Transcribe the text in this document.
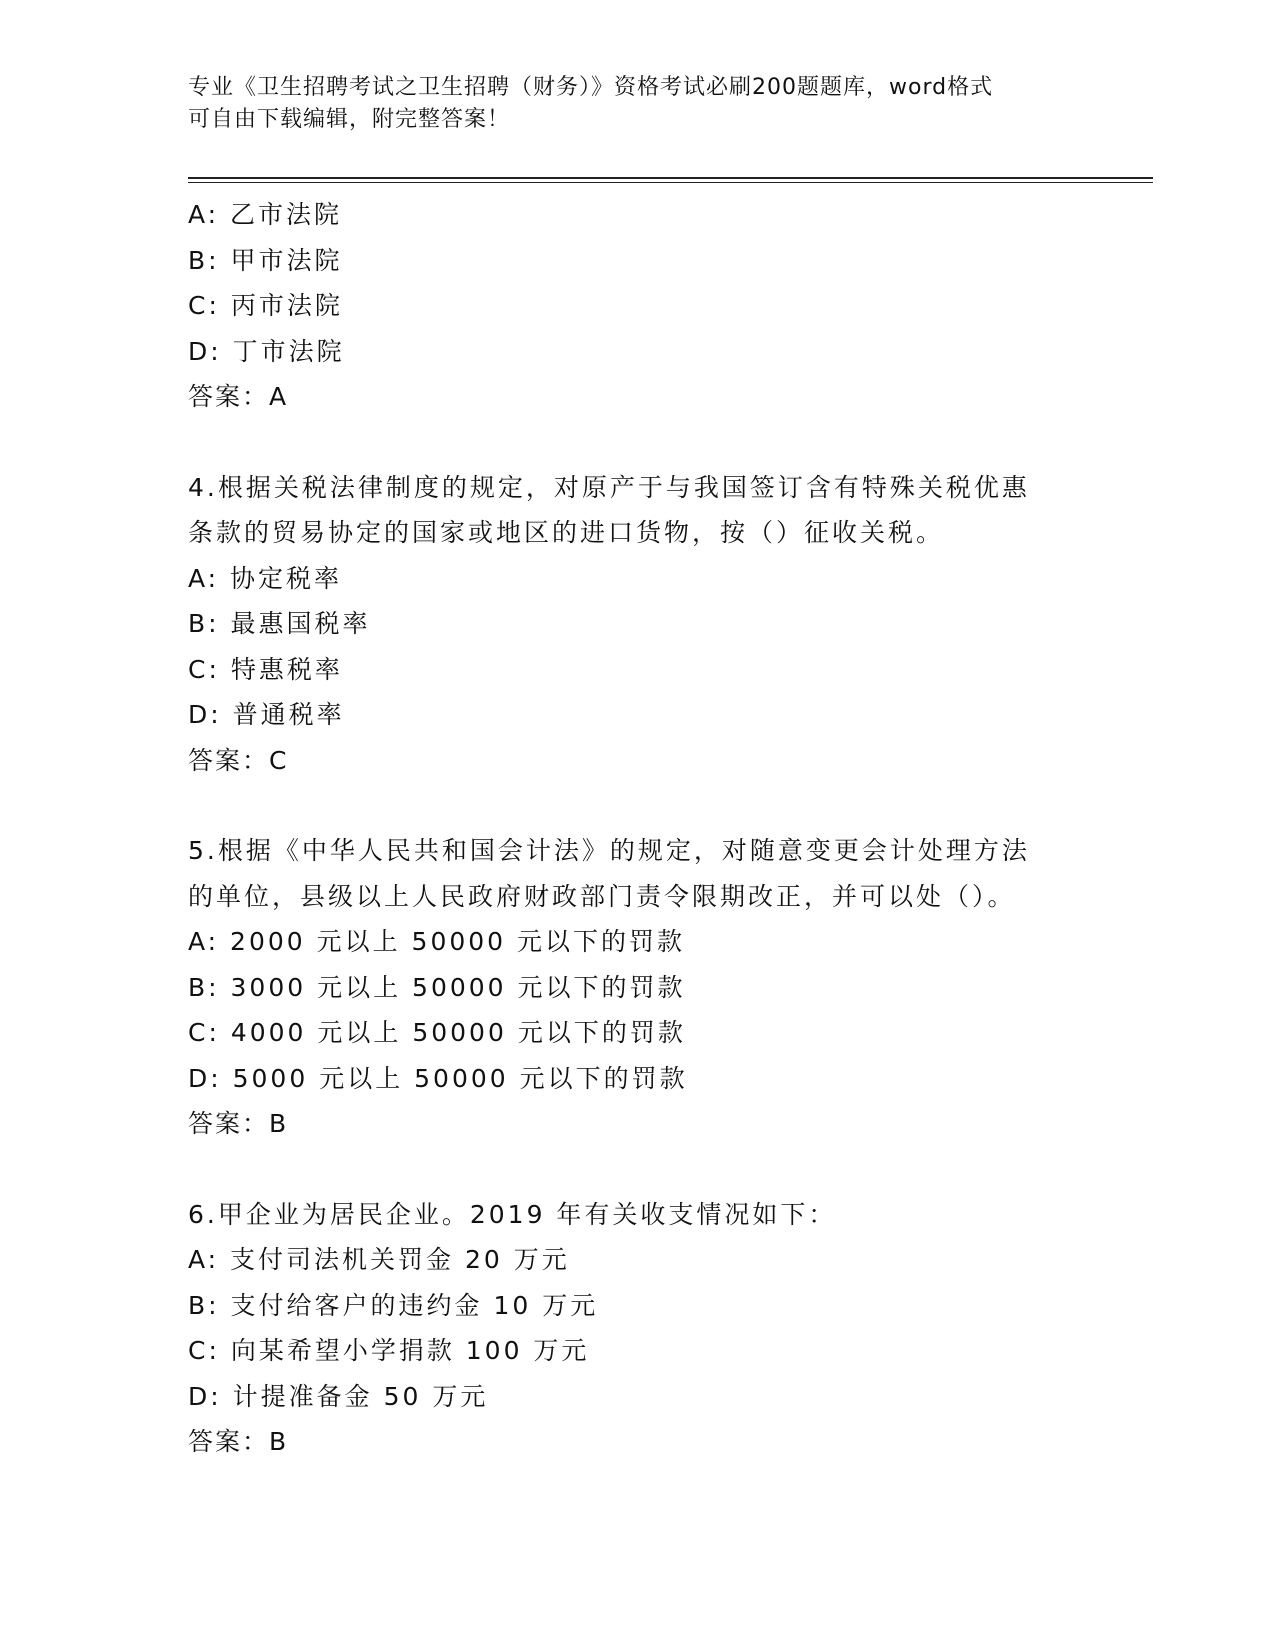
专业《卫生招聘考试之卫生招聘（财务）》资格考试必刷200题题库，word格式
可自由下载编辑，附完整答案！
A: 乙市法院
B: 甲市法院
C: 丙市法院
D: 丁市法院
答案：A
4.根据关税法律制度的规定，对原产于与我国签订含有特殊关税优惠
条款的贸易协定的国家或地区的进口货物，按（）征收关税。
A: 协定税率
B: 最惠国税率
C: 特惠税率
D: 普通税率
答案：C
5.根据《中华人民共和国会计法》的规定，对随意变更会计处理方法
的单位，县级以上人民政府财政部门责令限期改正，并可以处（）。
A: 2000 元以上 50000 元以下的罚款
B: 3000 元以上 50000 元以下的罚款
C: 4000 元以上 50000 元以下的罚款
D: 5000 元以上 50000 元以下的罚款
答案：B
6.甲企业为居民企业。2019 年有关收支情况如下：
A: 支付司法机关罚金 20 万元
B: 支付给客户的违约金 10 万元
C: 向某希望小学捐款 100 万元
D: 计提准备金 50 万元
答案：B
